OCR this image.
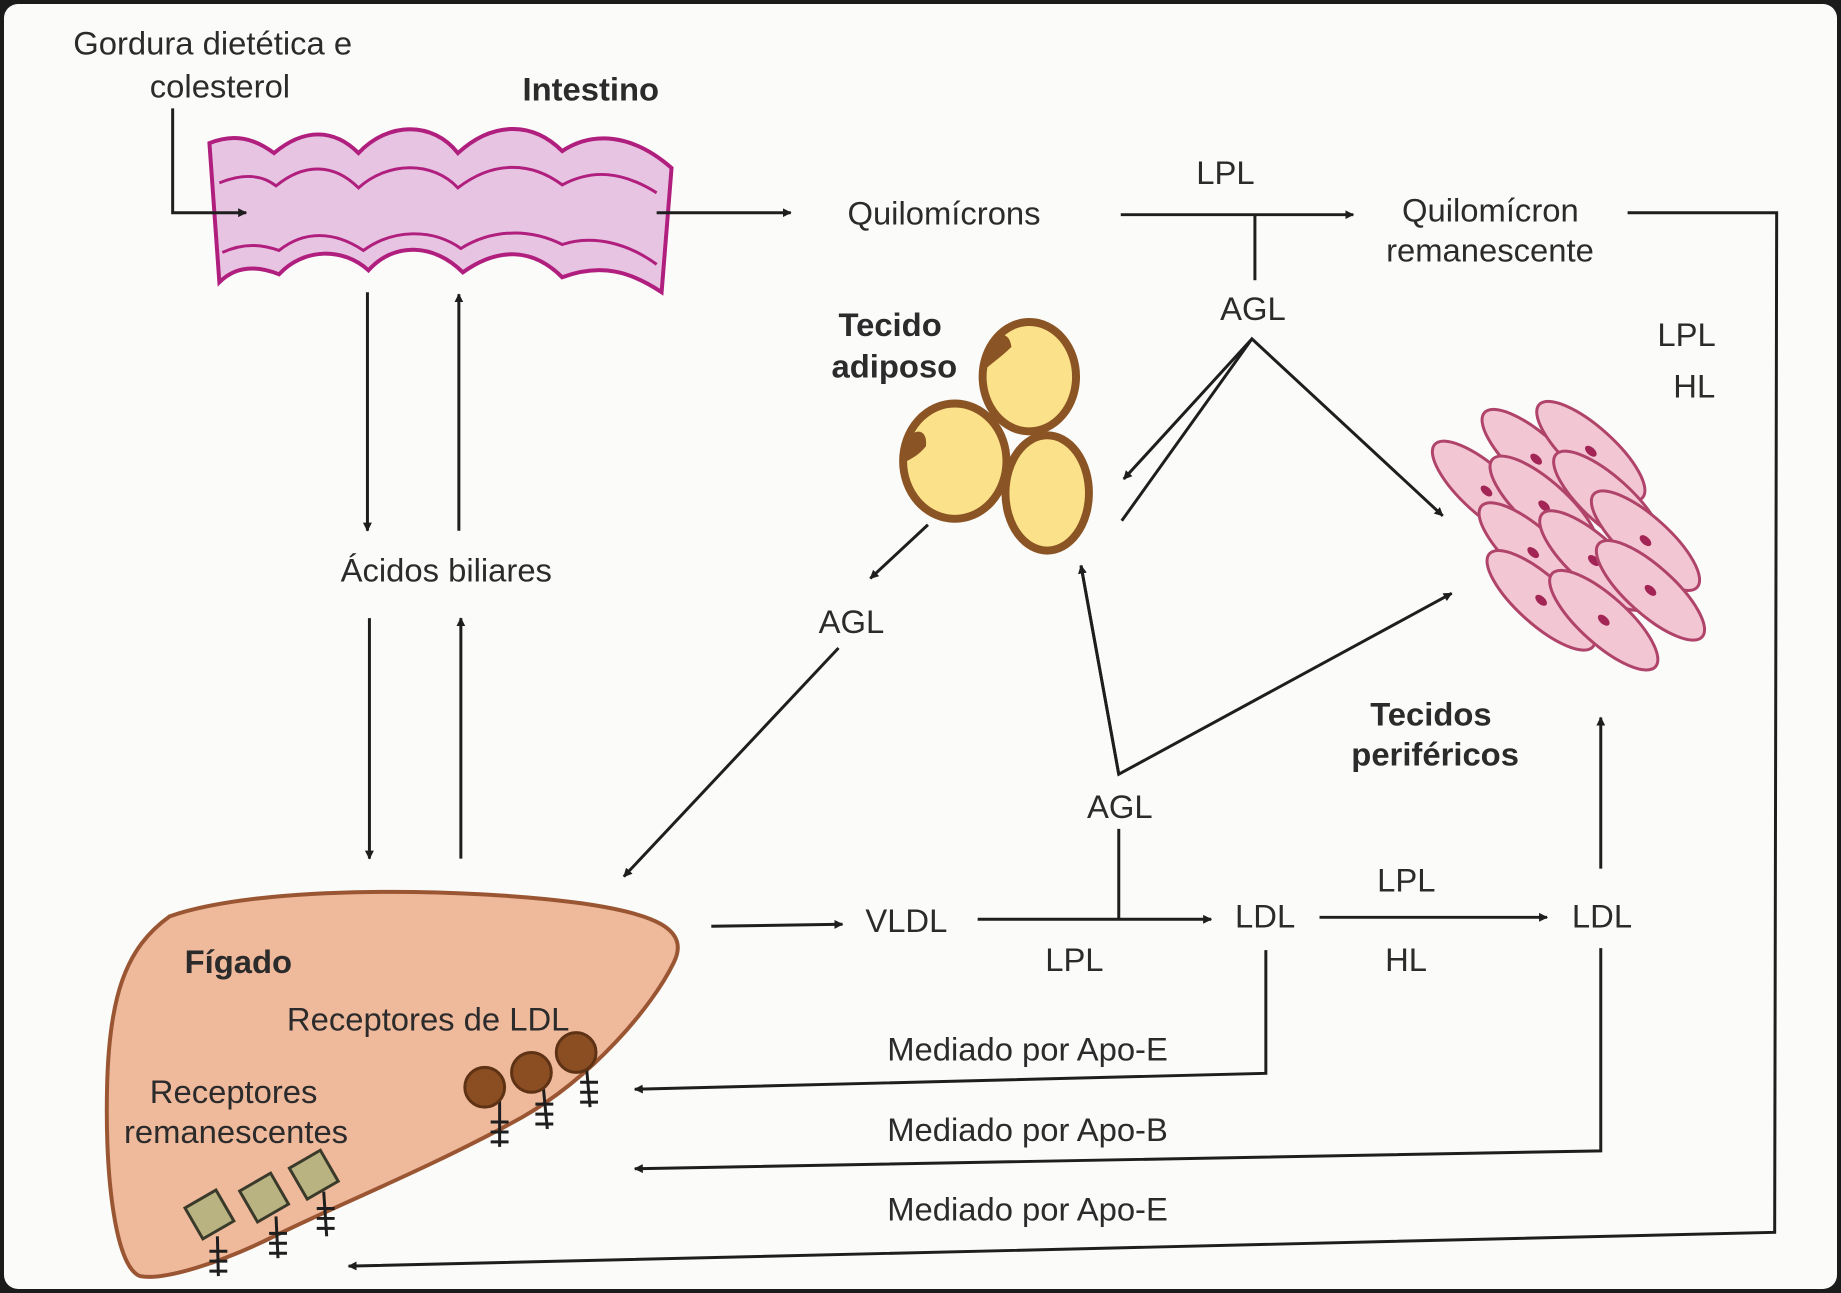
Gordura dietética e
colesterol	Intestino
Quilomícrons
LPL
Quilomícron
remanescente
AGL
Tecido
adiposo
LPL
HL
Ácidos biliares
AGL
Tecidos
periféricos
AGL
VLDL
LPL
LDL
LPL
HL
LDL
Fígado
Receptores de LDL
Receptores
remanescentes
Mediado por Apo-E
Mediado por Apo-B
Mediado por Apo-E
